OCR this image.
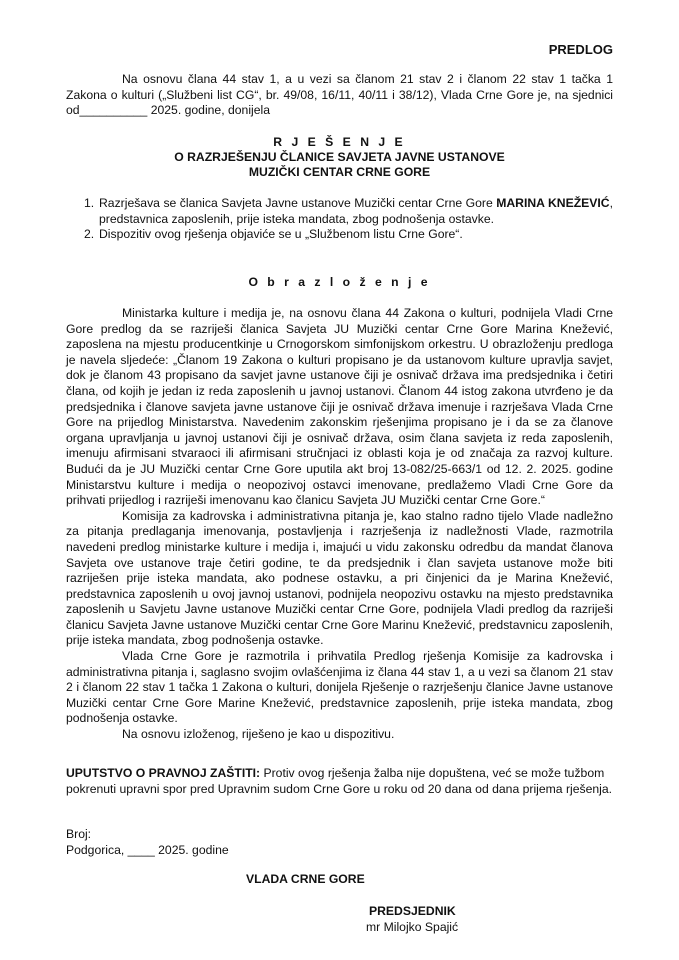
PREDLOG
Na osnovu člana 44 stav 1, a u vezi sa članom 21 stav 2 i članom 22 stav 1 tačka 1 Zakona o kulturi („Službeni list CG“, br. 49/08, 16/11, 40/11 i 38/12), Vlada Crne Gore je, na sjednici od__________ 2025. godine, donijela
R J E Š E N J E
O RAZRJEŠENJU ČLANICE SAVJETA JAVNE USTANOVE
MUZIČKI CENTAR CRNE GORE
1. Razrješava se članica Savjeta Javne ustanove Muzički centar Crne Gore MARINA KNEŽEVIĆ, predstavnica zaposlenih, prije isteka mandata, zbog podnošenja ostavke.
2. Dispozitiv ovog rješenja objaviće se u „Službenom listu Crne Gore“.
O b r a z l o ž e n j e

Ministarka kulture i medija je, na osnovu člana 44 Zakona o kulturi, podnijela Vladi Crne Gore predlog da se razriješi članica Savjeta JU Muzički centar Crne Gore Marina Knežević, zaposlena na mjestu producentkinje u Crnogorskom simfonijskom orkestru. U obrazloženju predloga je navela sljedeće: „Članom 19 Zakona o kulturi propisano je da ustanovom kulture upravlja savjet, dok je članom 43 propisano da savjet javne ustanove čiji je osnivač država ima predsjednika i četiri člana, od kojih je jedan iz reda zaposlenih u javnoj ustanovi. Članom 44 istog zakona utvrđeno je da predsjednika i članove savjeta javne ustanove čiji je osnivač država imenuje i razrješava Vlada Crne Gore na prijedlog Ministarstva. Navedenim zakonskim rješenjima propisano je i da se za članove organa upravljanja u javnoj ustanovi čiji je osnivač država, osim člana savjeta iz reda zaposlenih, imenuju afirmisani stvaraoci ili afirmisani stručnjaci iz oblasti koja je od značaja za razvoj kulture. Budući da je JU Muzički centar Crne Gore uputila akt broj 13-082/25-663/1 od 12. 2. 2025. godine Ministarstvu kulture i medija o neopozivoj ostavci imenovane, predlažemo Vladi Crne Gore da prihvati prijedlog i razriješi imenovanu kao članicu Savjeta JU Muzički centar Crne Gore.“

Komisija za kadrovska i administrativna pitanja je, kao stalno radno tijelo Vlade nadležno za pitanja predlaganja imenovanja, postavljenja i razrješenja iz nadležnosti Vlade, razmotrila navedeni predlog ministarke kulture i medija i, imajući u vidu zakonsku odredbu da mandat članova Savjeta ove ustanove traje četiri godine, te da predsjednik i član savjeta ustanove može biti razriješen prije isteka mandata, ako podnese ostavku, a pri činjenici da je Marina Knežević, predstavnica zaposlenih u ovoj javnoj ustanovi, podnijela neopozivu ostavku na mjesto predstavnika zaposlenih u Savjetu Javne ustanove Muzički centar Crne Gore, podnijela Vladi predlog da razriješi članicu Savjeta Javne ustanove Muzički centar Crne Gore Marinu Knežević, predstavnicu zaposlenih, prije isteka mandata, zbog podnošenja ostavke.

Vlada Crne Gore je razmotrila i prihvatila Predlog rješenja Komisije za kadrovska i administrativna pitanja i, saglasno svojim ovlašćenjima iz člana 44 stav 1, a u vezi sa članom 21 stav 2 i članom 22 stav 1 tačka 1 Zakona o kulturi, donijela Rješenje o razrješenju članice Javne ustanove Muzički centar Crne Gore Marine Knežević, predstavnice zaposlenih, prije isteka mandata, zbog podnošenja ostavke.

Na osnovu izloženog, riješeno je kao u dispozitivu.

UPUTSTVO O PRAVNOJ ZAŠTITI: Protiv ovog rješenja žalba nije dopuštena, već se može tužbom pokrenuti upravni spor pred Upravnim sudom Crne Gore u roku od 20 dana od dana prijema rješenja.
Broj:
Podgorica, ____ 2025. godine
VLADA CRNE GORE
PREDSJEDNIK
mr Milojko Spajić
